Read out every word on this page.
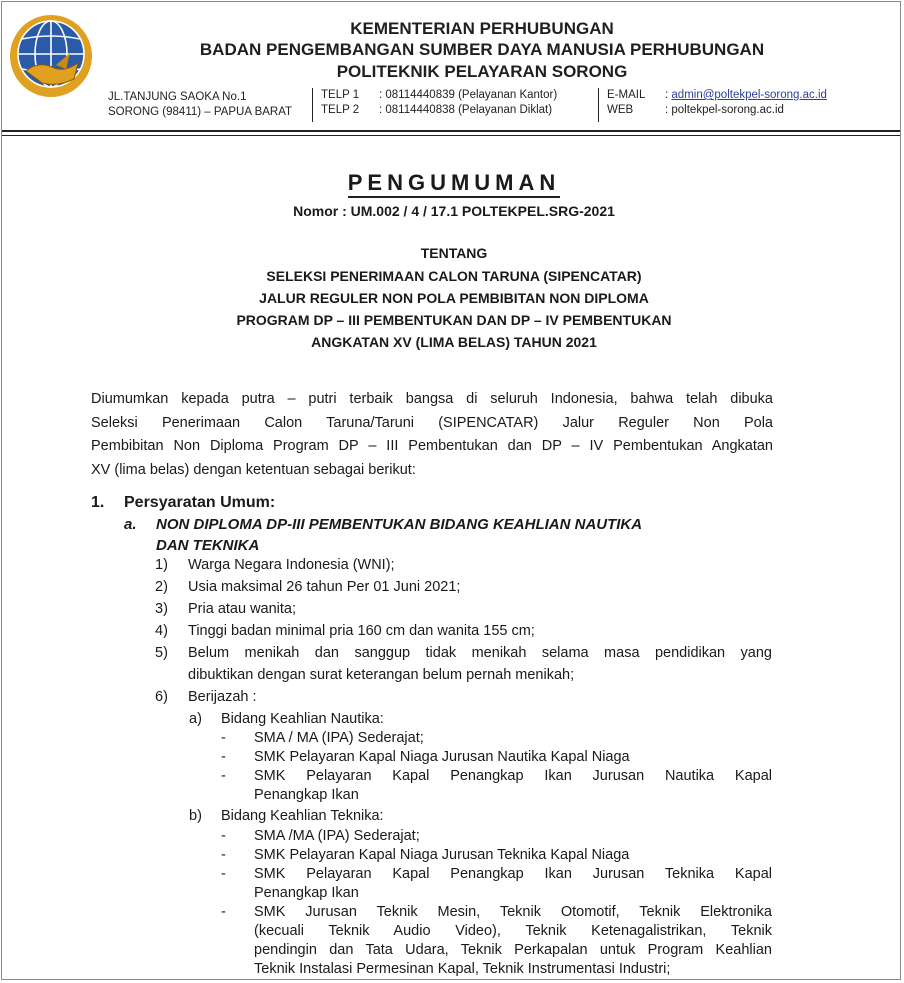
KEMENTERIAN PERHUBUNGAN
BADAN PENGEMBANGAN SUMBER DAYA MANUSIA PERHUBUNGAN
POLITEKNIK PELAYARAN SORONG
JL.TANJUNG SAOKA No.1
SORONG (98411) – PAPUA BARAT
TELP 1 : 08114440839 (Pelayanan Kantor)
TELP 2 : 08114440838 (Pelayanan Diklat)
E-MAIL : admin@poltekpel-sorong.ac.id
WEB	: poltekpel-sorong.ac.id
PENGUMUMAN
Nomor : UM.002 / 4 / 17.1 POLTEKPEL.SRG-2021
TENTANG
SELEKSI PENERIMAAN CALON TARUNA (SIPENCATAR)
JALUR REGULER NON POLA PEMBIBITAN NON DIPLOMA
PROGRAM DP – III PEMBENTUKAN DAN DP – IV PEMBENTUKAN
ANGKATAN XV (LIMA BELAS) TAHUN 2021
Diumumkan kepada putra – putri terbaik bangsa di seluruh Indonesia, bahwa telah dibuka
Seleksi Penerimaan Calon Taruna/Taruni (SIPENCATAR) Jalur Reguler Non Pola
Pembibitan Non Diploma Program DP – III Pembentukan dan DP – IV Pembentukan Angkatan
XV (lima belas) dengan ketentuan sebagai berikut:
1. Persyaratan Umum:
a. NON DIPLOMA DP-III PEMBENTUKAN BIDANG KEAHLIAN NAUTIKA
DAN TEKNIKA
1) Warga Negara Indonesia (WNI);
2) Usia maksimal 26 tahun Per 01 Juni 2021;
3) Pria atau wanita;
4) Tinggi badan minimal pria 160 cm dan wanita 155 cm;
5) Belum menikah dan sanggup tidak menikah selama masa pendidikan yang
dibuktikan dengan surat keterangan belum pernah menikah;
6) Berijazah :
a) Bidang Keahlian Nautika:
- SMA / MA (IPA) Sederajat;
- SMK Pelayaran Kapal Niaga Jurusan Nautika Kapal Niaga
- SMK Pelayaran Kapal Penangkap Ikan Jurusan Nautika Kapal
Penangkap Ikan
b) Bidang Keahlian Teknika:
- SMA /MA (IPA) Sederajat;
- SMK Pelayaran Kapal Niaga Jurusan Teknika Kapal Niaga
- SMK Pelayaran Kapal Penangkap Ikan Jurusan Teknika Kapal
Penangkap Ikan
- SMK Jurusan Teknik Mesin, Teknik Otomotif, Teknik Elektronika
(kecuali Teknik Audio Video), Teknik Ketenagalistrikan, Teknik
pendingin dan Tata Udara, Teknik Perkapalan untuk Program Keahlian
Teknik Instalasi Permesinan Kapal, Teknik Instrumentasi Industri;
